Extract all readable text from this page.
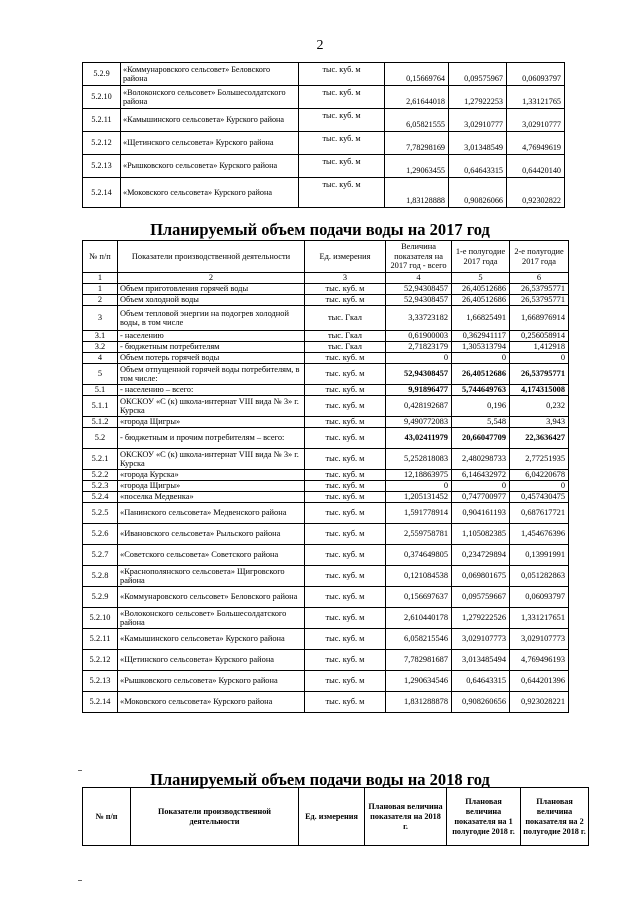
2
5.2.9	«Коммунаровского сельсовет» Беловского района	тыс. куб. м	0,15669764	0,09575967	0,06093797
5.2.10	«Волоконского сельсовет» Большесолдатского района	тыс. куб. м	2,61644018	1,27922253	1,33121765
5.2.11	«Камышинского сельсовета» Курского района	тыс. куб. м	6,05821555	3,02910777	3,02910777
5.2.12	«Щетинского сельсовета» Курского района	тыс. куб. м	7,78298169	3,01348549	4,76949619
5.2.13	«Рышковского сельсовета» Курского района	тыс. куб. м	1,29063455	0,64643315	0,64420140
5.2.14	«Моковского сельсовета» Курского района	тыс. куб. м	1,83128888	0,90826066	0,92302822
Планируемый объем подачи воды на 2017 год
№ п/п	Показатели производственной деятельности	Ед. измерения	Величина показателя на 2017 год - всего	1-е полугодие 2017 года	2-е полугодие 2017 года
1	2	3	4	5	6
1	Объем приготовления горячей воды	тыс. куб. м	52,94308457	26,40512686	26,53795771
2	Объем холодной воды	тыс. куб. м	52,94308457	26,40512686	26,53795771
3	Объем тепловой энергии на подогрев холодной воды, в том числе	тыс. Гкал	3,33723182	1,66825491	1,668976914
3.1	- населению	тыс. Гкал	0,61900003	0,362941117	0,256058914
3.2	- бюджетным потребителям	тыс. Гкал	2,71823179	1,305313794	1,412918
4	Объем потерь горячей воды	тыс. куб. м	0	0	0
5	Объем отпущенной горячей воды потребителям, в том числе:	тыс. куб. м	52,94308457	26,40512686	26,53795771
5.1	- населению – всего:	тыс. куб. м	9,91896477	5,744649763	4,174315008
5.1.1	ОКСКОУ «С (к) школа-интернат VIII вида № 3» г. Курска	тыс. куб. м	0,428192687	0,196	0,232
5.1.2	«города Щигры»	тыс. куб. м	9,490772083	5,548	3,943
5.2	- бюджетным и прочим потребителям – всего:	тыс. куб. м	43,02411979	20,66047709	22,3636427
5.2.1	ОКСКОУ «С (к) школа-интернат VIII вида № 3» г. Курска	тыс. куб. м	5,252818083	2,480298733	2,77251935
5.2.2	«города Курска»	тыс. куб. м	12,18863975	6,146432972	6,04220678
5.2.3	«города Щигры»	тыс. куб. м	0	0	0
5.2.4	«поселка Медвенка»	тыс. куб. м	1,205131452	0,747700977	0,457430475
5.2.5	«Панинского сельсовета» Медвенского района	тыс. куб. м	1,591778914	0,904161193	0,687617721
5.2.6	«Ивановского сельсовета» Рыльского района	тыс. куб. м	2,559758781	1,105082385	1,454676396
5.2.7	«Советского сельсовета» Советского района	тыс. куб. м	0,374649805	0,234729894	0,13991991
5.2.8	«Краснополянского сельсовета» Щигровского района	тыс. куб. м	0,121084538	0,069801675	0,051282863
5.2.9	«Коммунаровского сельсовет» Беловского района	тыс. куб. м	0,156697637	0,095759667	0,06093797
5.2.10	«Волоконского сельсовет» Большесолдатского района	тыс. куб. м	2,610440178	1,279222526	1,331217651
5.2.11	«Камышинского сельсовета» Курского района	тыс. куб. м	6,058215546	3,029107773	3,029107773
5.2.12	«Щетинского сельсовета» Курского района	тыс. куб. м	7,782981687	3,013485494	4,769496193
5.2.13	«Рышковского сельсовета» Курского района	тыс. куб. м	1,290634546	0,64643315	0,644201396
5.2.14	«Моковского сельсовета» Курского района	тыс. куб. м	1,831288878	0,908260656	0,923028221
Планируемый объем подачи воды на 2018 год
№ п/п	Показатели производственной деятельности	Ед. измерения	Плановая величина показателя на 2018 г.	Плановая величина показателя на 1 полугодие 2018 г.	Плановая величина показателя на 2 полугодие 2018 г.
